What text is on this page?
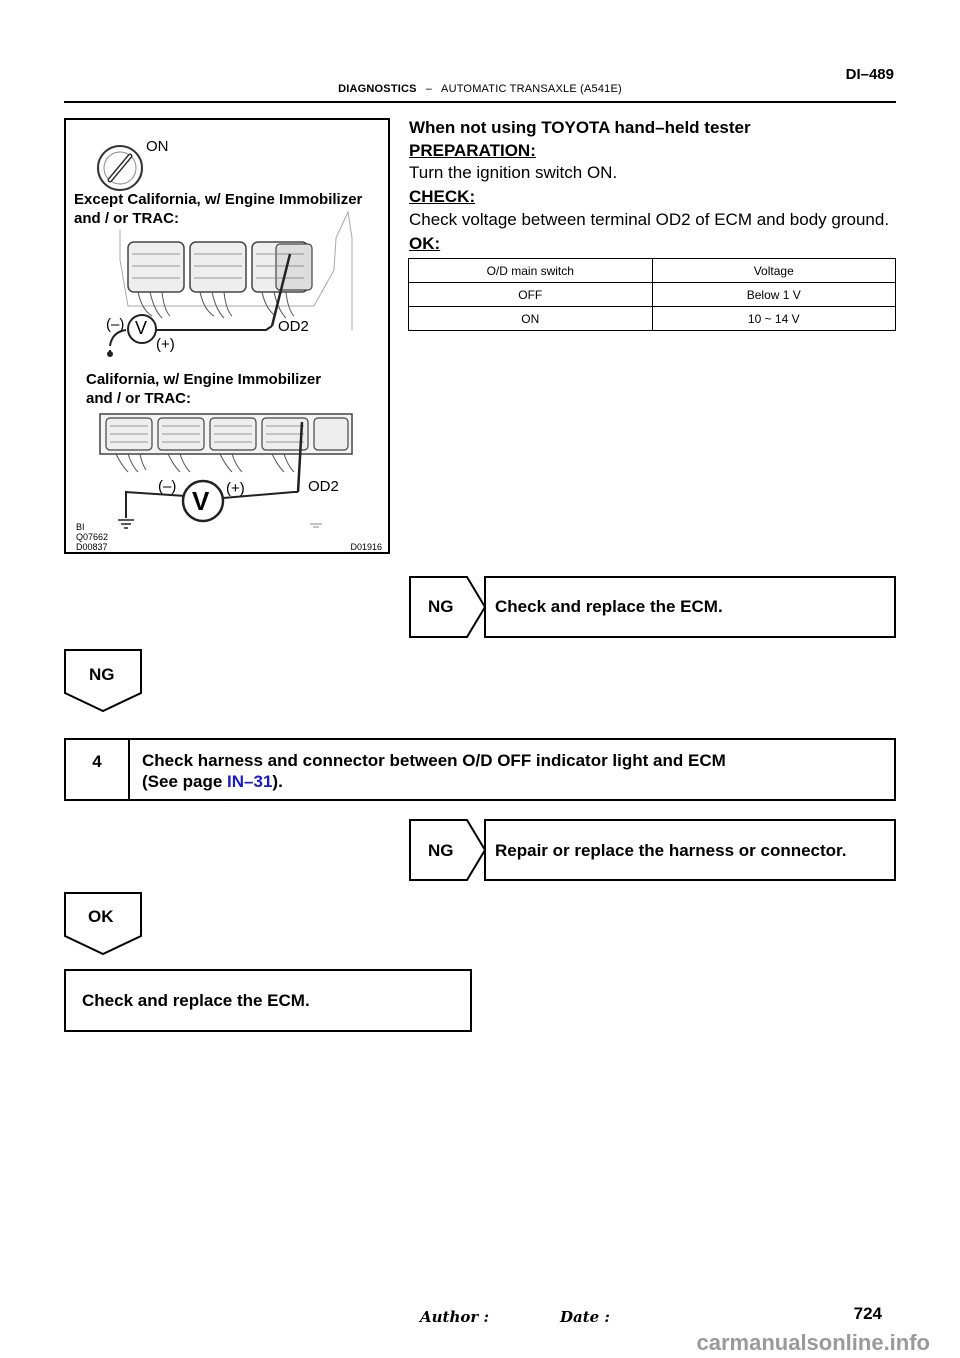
DI–489
DIAGNOSTICS – AUTOMATIC TRANSAXLE (A541E)
ON
Except California, w/ Engine Immobilizer
and / or TRAC:
(–)
(+)
OD2
V
California, w/ Engine Immobilizer
and / or TRAC:
(–)	(+)	OD2
V
BI
Q07662
D00837	D01916
When not using TOYOTA hand–held tester
PREPARATION:
Turn the ignition switch ON.
CHECK:
Check voltage between terminal OD2 of ECM and body ground.
OK:
O/D main switch	Voltage
OFF	Below 1 V
ON	10 ~ 14 V
NG Check and replace the ECM.
NG
4	Check harness and connector between O/D OFF indicator light and ECM
(See page IN–31).
NG Repair or replace the harness or connector.
OK
Check and replace the ECM.
Author :	Date :	724
carmanualsonline.info
